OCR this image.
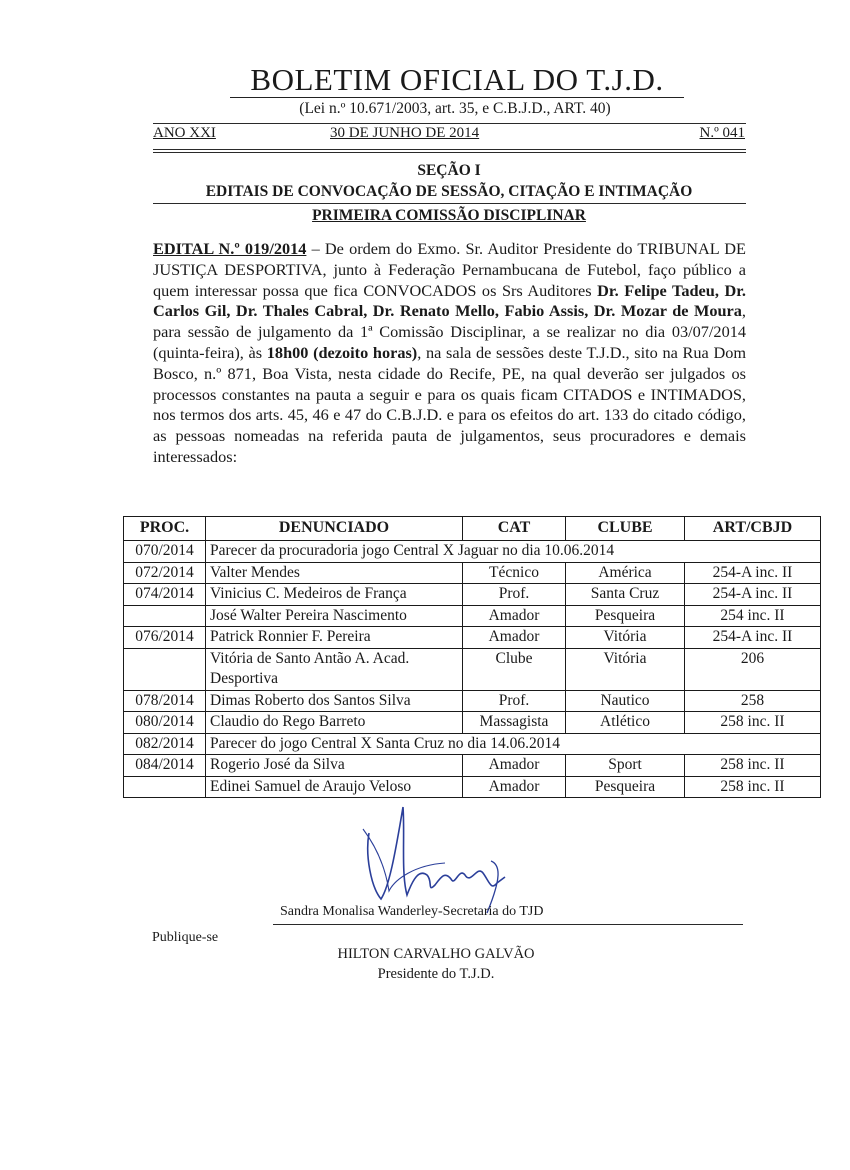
BOLETIM OFICIAL DO T.J.D.
(Lei n.º 10.671/2003, art. 35, e C.B.J.D., ART. 40)
ANO XXI	30 DE JUNHO DE 2014	N.º 041
SEÇÃO I
EDITAIS DE CONVOCAÇÃO DE SESSÃO, CITAÇÃO E INTIMAÇÃO
PRIMEIRA COMISSÃO DISCIPLINAR
EDITAL N.º 019/2014 – De ordem do Exmo. Sr. Auditor Presidente do TRIBUNAL DE JUSTIÇA DESPORTIVA, junto à Federação Pernambucana de Futebol, faço público a quem interessar possa que fica CONVOCADOS os Srs Auditores Dr. Felipe Tadeu, Dr. Carlos Gil, Dr. Thales Cabral, Dr. Renato Mello, Fabio Assis, Dr. Mozar de Moura, para sessão de julgamento da 1ª Comissão Disciplinar, a se realizar no dia 03/07/2014 (quinta-feira), às 18h00 (dezoito horas), na sala de sessões deste T.J.D., sito na Rua Dom Bosco, n.º 871, Boa Vista, nesta cidade do Recife, PE, na qual deverão ser julgados os processos constantes na pauta a seguir e para os quais ficam CITADOS e INTIMADOS, nos termos dos arts. 45, 46 e 47 do C.B.J.D. e para os efeitos do art. 133 do citado código, as pessoas nomeadas na referida pauta de julgamentos, seus procuradores e demais interessados:
PROC.	DENUNCIADO	CAT	CLUBE	ART/CBJD
070/2014	Parecer da procuradoria jogo Central X Jaguar no dia 10.06.2014			
072/2014	Valter Mendes	Técnico	América	254-A inc. II
074/2014	Vinicius C. Medeiros de França	Prof.	Santa Cruz	254-A inc. II
	José Walter Pereira Nascimento	Amador	Pesqueira	254 inc. II
076/2014	Patrick Ronnier F. Pereira	Amador	Vitória	254-A inc. II
	Vitória de Santo Antão A. Acad. Desportiva	Clube	Vitória	206
078/2014	Dimas Roberto dos Santos Silva	Prof.	Nautico	258
080/2014	Claudio do Rego Barreto	Massagista	Atlético	258 inc. II
082/2014	Parecer do jogo Central X Santa Cruz no dia 14.06.2014			
084/2014	Rogerio José da Silva	Amador	Sport	258 inc. II
	Edinei Samuel de Araujo Veloso	Amador	Pesqueira	258 inc. II
Sandra Monalisa Wanderley-Secretaria do TJD
Publique-se
HILTON CARVALHO GALVÃO
Presidente do T.J.D.
